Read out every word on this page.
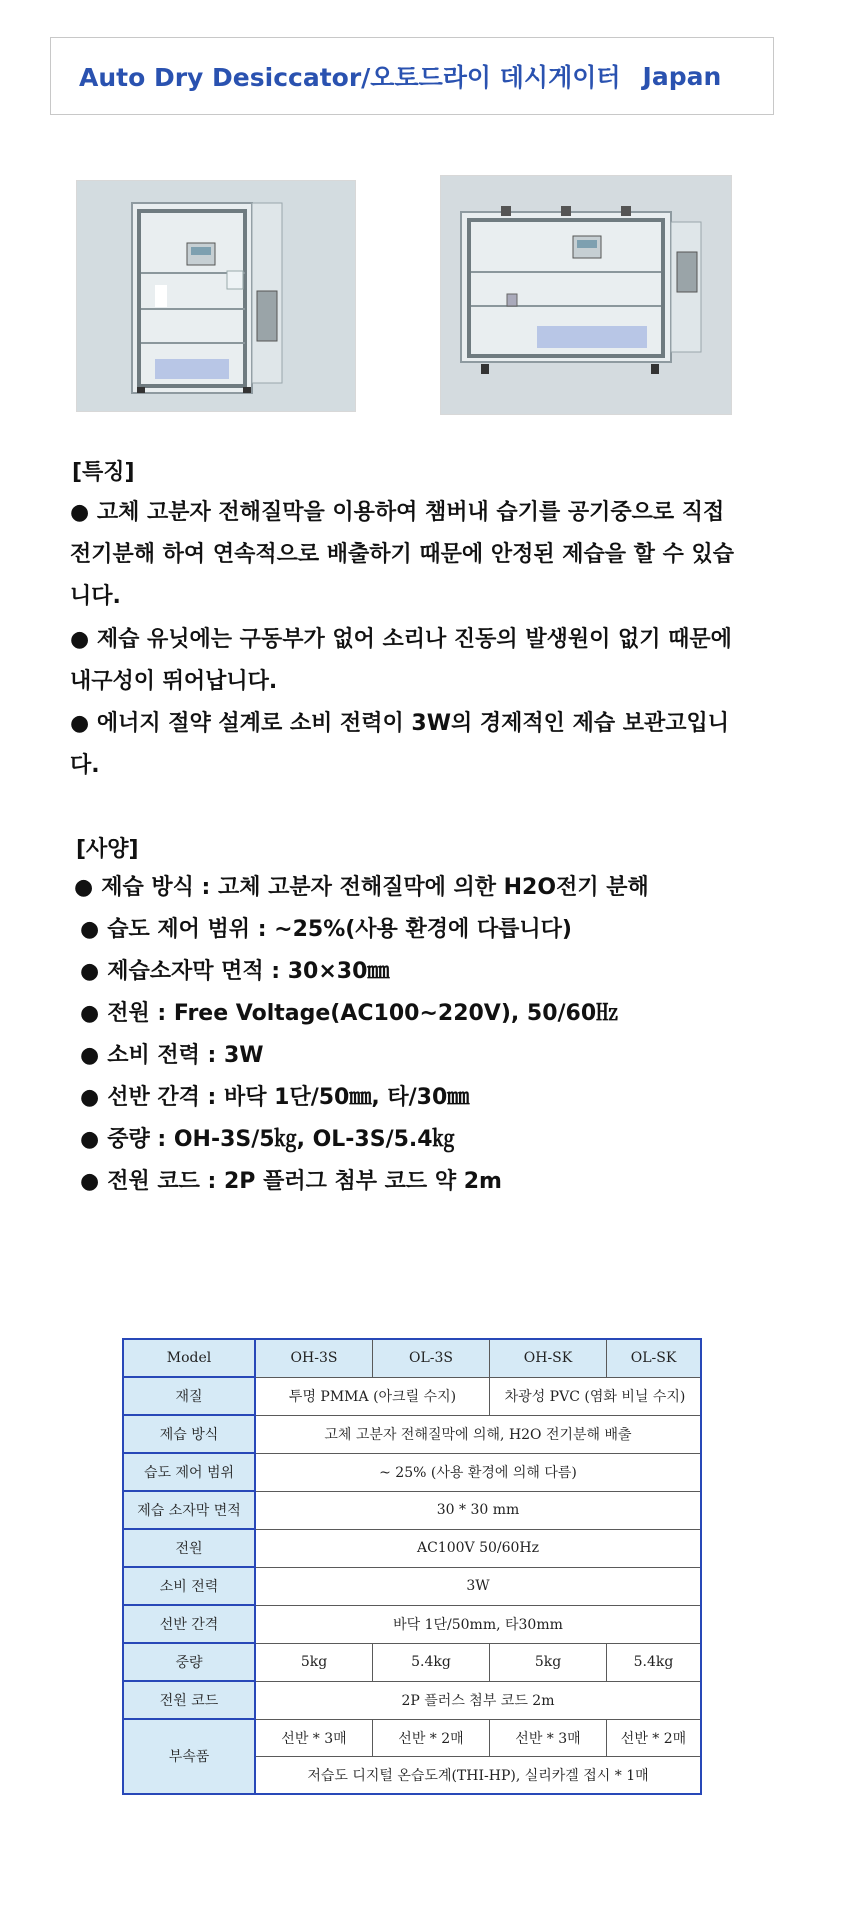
Auto Dry Desiccator/오토드라이 데시게이터 Japan
[특징]
● 고체 고분자 전해질막을 이용하여 챔버내 습기를 공기중으로 직접 전기분해 하여 연속적으로 배출하기 때문에 안정된 제습을 할 수 있습니다.
● 제습 유닛에는 구동부가 없어 소리나 진동의 발생원이 없기 때문에 내구성이 뛰어납니다.
● 에너지 절약 설계로 소비 전력이 3W의 경제적인 제습 보관고입니다.
[사양]
● 제습 방식 : 고체 고분자 전해질막에 의한 H2O전기 분해
● 습도 제어 범위 : ~25%(사용 환경에 다릅니다)
● 제습소자막 면적 : 30×30㎜
● 전원 : Free Voltage(AC100~220V), 50/60㎐
● 소비 전력 : 3W
● 선반 간격 : 바닥 1단/50㎜, 타/30㎜
● 중량 : OH-3S/5㎏, OL-3S/5.4㎏
● 전원 코드 : 2P 플러그 첨부 코드 약 2m
Model	OH-3S	OL-3S	OH-SK	OL-SK
재질	투명 PMMA (아크릴 수지)		차광성 PVC (염화 비닐 수지)	
제습 방식	고체 고분자 전해질막에 의해, H2O 전기분해 배출			
습도 제어 범위	~ 25% (사용 환경에 의해 다름)			
제습 소자막 면적	30 * 30 mm			
전원	AC100V 50/60Hz			
소비 전력	3W			
선반 간격	바닥 1단/50mm, 타30mm			
중량	5kg	5.4kg	5kg	5.4kg
전원 코드	2P 플러스 첨부 코드 2m			
부속품	선반 * 3매	선반 * 2매	선반 * 3매	선반 * 2매
	저습도 디지털 온습도계(THI-HP), 실리카겔 접시 * 1매			
